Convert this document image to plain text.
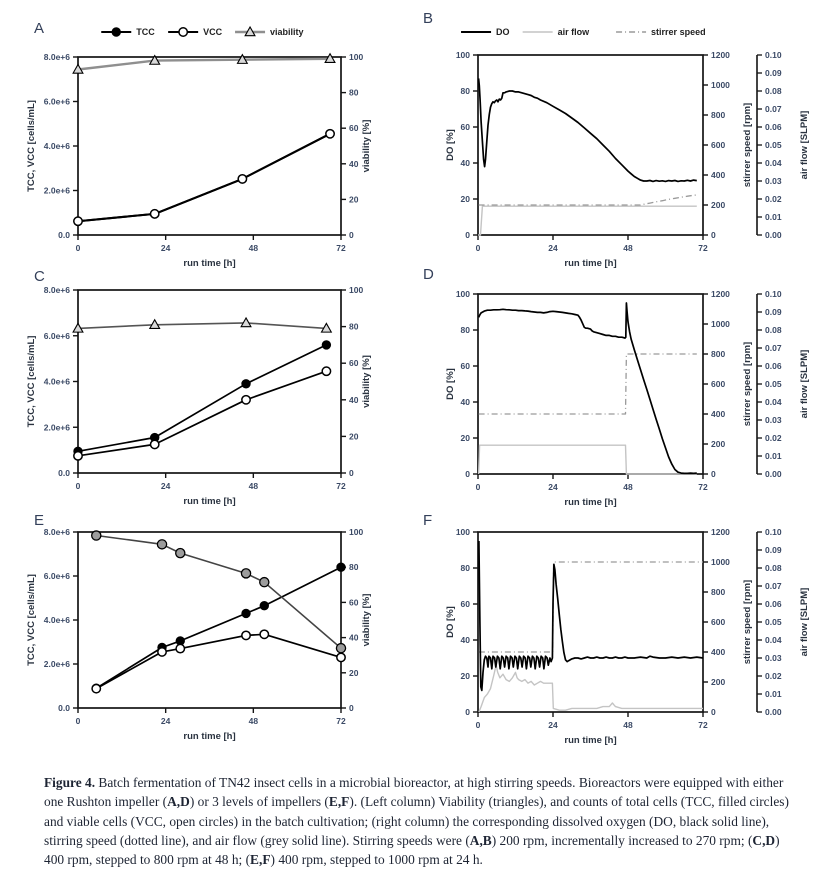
A
0	24	48	72
run time [h]
0.0
2.0e+6
4.0e+6
6.0e+6
8.0e+6
TCC, VCC [cells/mL]
0
20
40
60
80
100
viability [%]
TCC	VCC	viability
B
0	24	48	72
run time [h]
0
20
40
60
80
100
DO [%]
0
200
400
600
800
1000
1200
stirrer speed [rpm]
0.00
0.01
0.02
0.03
0.04
0.05
0.06
0.07
0.08
0.09
0.10
air flow [SLPM]
DO	air flow	stirrer speed
C
0	24	48	72
run time [h]
0.0
2.0e+6
4.0e+6
6.0e+6
8.0e+6
TCC, VCC [cells/mL]
0
20
40
60
80
100
viability [%]
D
0	24	48	72
run time [h]
0
20
40
60
80
100
DO [%]
0
200
400
600
800
1000
1200
stirrer speed [rpm]
0.00
0.01
0.02
0.03
0.04
0.05
0.06
0.07
0.08
0.09
0.10
air flow [SLPM]
E
0	24	48	72
run time [h]
0.0
2.0e+6
4.0e+6
6.0e+6
8.0e+6
TCC, VCC [cells/mL]
0
20
40
60
80
100
viability [%]
F
0	24	48	72
run time [h]
0
20
40
60
80
100
DO [%]
0
200
400
600
800
1000
1200
stirrer speed [rpm]
0.00
0.01
0.02
0.03
0.04
0.05
0.06
0.07
0.08
0.09
0.10
air flow [SLPM]

Figure 4. Batch fermentation of TN42 insect cells in a microbial bioreactor, at high stirring speeds. Bioreactors were equipped with either one Rushton impeller (A,D) or 3 levels of impellers (E,F). (Left column) Viability (triangles), and counts of total cells (TCC, filled circles) and viable cells (VCC, open circles) in the batch cultivation; (right column) the corresponding dissolved oxygen (DO, black solid line), stirring speed (dotted line), and air flow (grey solid line). Stirring speeds were (A,B) 200 rpm, incrementally increased to 270 rpm; (C,D) 400 rpm, stepped to 800 rpm at 48 h; (E,F) 400 rpm, stepped to 1000 rpm at 24 h.
